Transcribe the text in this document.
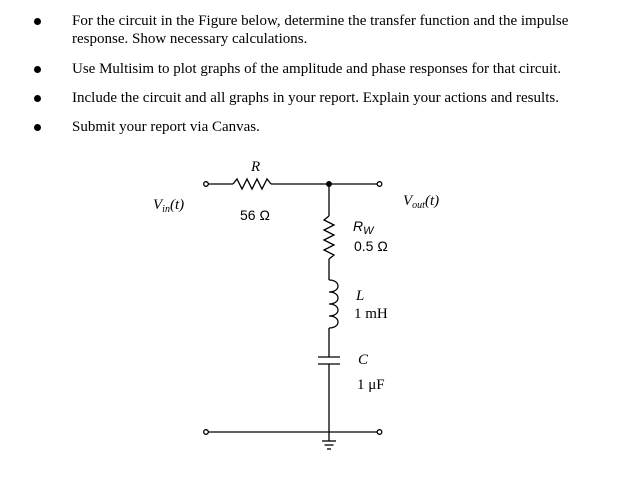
For the circuit in the Figure below, determine the transfer function and the impulse response. Show necessary calculations.
Use Multisim to plot graphs of the amplitude and phase responses for that circuit.
Include the circuit and all graphs in your report. Explain your actions and results.
Submit your report via Canvas.
$V_{in}(t)$	$V_{out}(t)$
R
56 Ω
$R_W$
0.5 Ω
L
1 mH
C
1 μF
